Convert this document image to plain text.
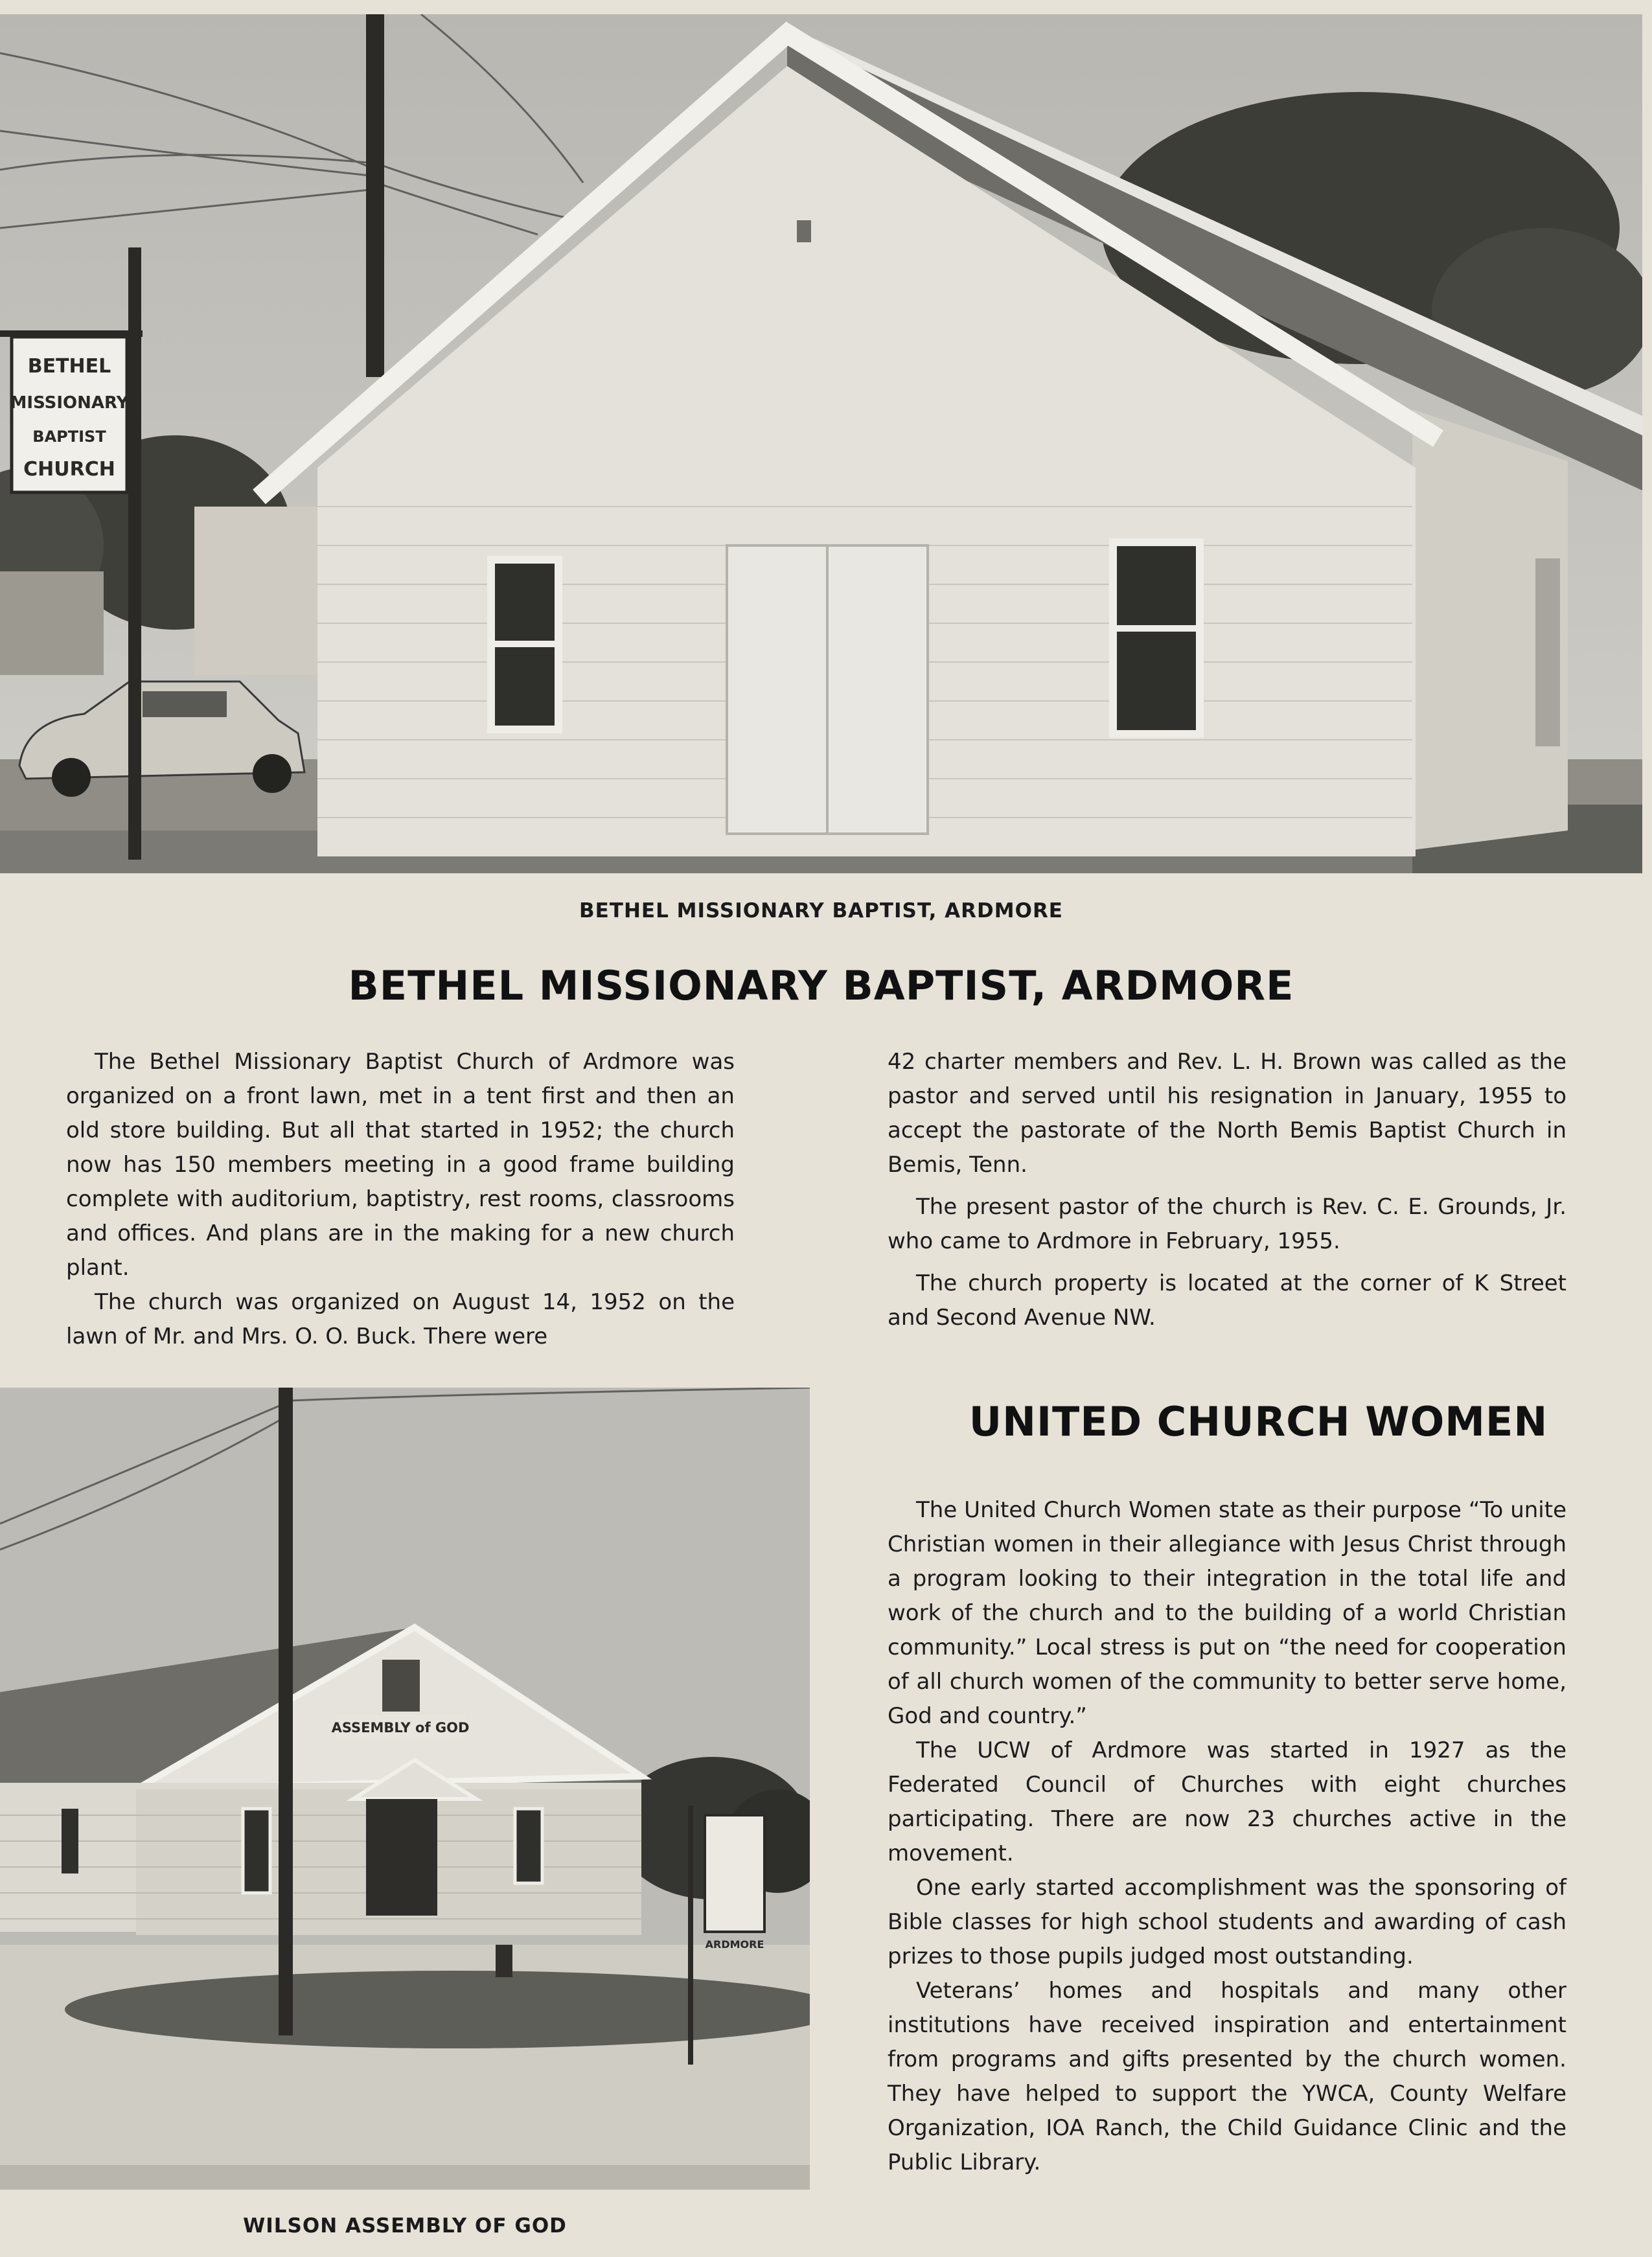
BETHEL
MISSIONARY
BAPTIST
CHURCH
BETHEL MISSIONARY BAPTIST, ARDMORE
BETHEL MISSIONARY BAPTIST, ARDMORE

The Bethel Missionary Baptist Church of Ardmore was organized on a front lawn, met in a tent first and then an old store building. But all that started in 1952; the church now has 150 members meeting in a good frame building complete with auditorium, baptistry, rest rooms, classrooms and offices. And plans are in the making for a new church plant.

The church was organized on August 14, 1952 on the lawn of Mr. and Mrs. O. O. Buck. There were

42 charter members and Rev. L. H. Brown was called as the pastor and served until his resignation in January, 1955 to accept the pastorate of the North Bemis Baptist Church in Bemis, Tenn.

The present pastor of the church is Rev. C. E. Grounds, Jr. who came to Ardmore in February, 1955.

The church property is located at the corner of K Street and Second Avenue NW.

ASSEMBLY of GOD
ARDMORE
WILSON ASSEMBLY OF GOD
UNITED CHURCH WOMEN

The United Church Women state as their purpose “To unite Christian women in their allegiance with Jesus Christ through a program looking to their integration in the total life and work of the church and to the building of a world Christian community.” Local stress is put on “the need for cooperation of all church women of the community to better serve home, God and country.”

The UCW of Ardmore was started in 1927 as the Federated Council of Churches with eight churches participating. There are now 23 churches active in the movement.

One early started accomplishment was the sponsoring of Bible classes for high school students and awarding of cash prizes to those pupils judged most outstanding.

Veterans’ homes and hospitals and many other institutions have received inspiration and entertainment from programs and gifts presented by the church women. They have helped to support the YWCA, County Welfare Organization, IOA Ranch, the Child Guidance Clinic and the Public Library.
